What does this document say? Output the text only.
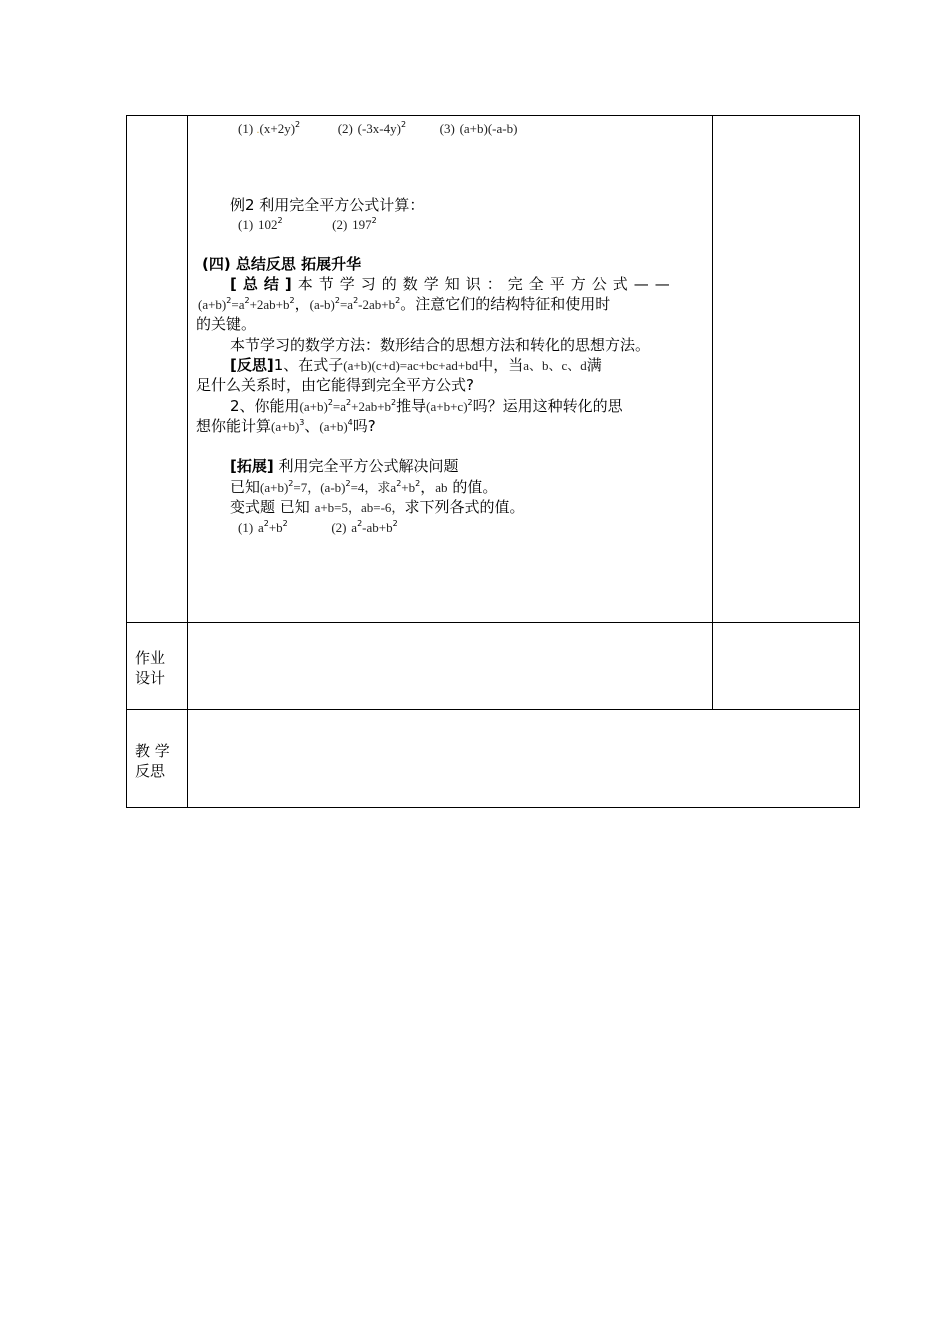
作业
设计
教 学
反思
(1) $.(x+2y)^2$	(2) $(-3x-4y)^2$	(3) (a+b)(-a-b)
例2 利用完全平方公式计算：
(1) $102^2$	(2) $197^2$
(四) 总结反思 拓展升华
[总结]本节学习的数学知识：完全平方公式——
$(a+b)^2=a^2+2ab+b^2$，$(a-b)^2=a^2-2ab+b^2$。注意它们的结构特征和使用时
的关键。
本节学习的数学方法：数形结合的思想方法和转化的思想方法。
[反思]1、在式子(a+b)(c+d)=ac+bc+ad+bd中，当a、b、c、d满
足什么关系时，由它能得到完全平方公式?
2、你能用$(a+b)^2=a^2+2ab+b^2$推导$(a+b+c)^2$吗？运用这种转化的思
想你能计算$(a+b)^3$、$(a+b)^4$吗?
[拓展] 利用完全平方公式解决问题
已知$(a+b)^2=7$，$(a-b)^2=4$，求$a^2+b^2$，ab 的值。
变式题 已知 a+b=5，ab=-6，求下列各式的值。
(1) $a^2+b^2$	(2) $a^2-ab+b^2$
